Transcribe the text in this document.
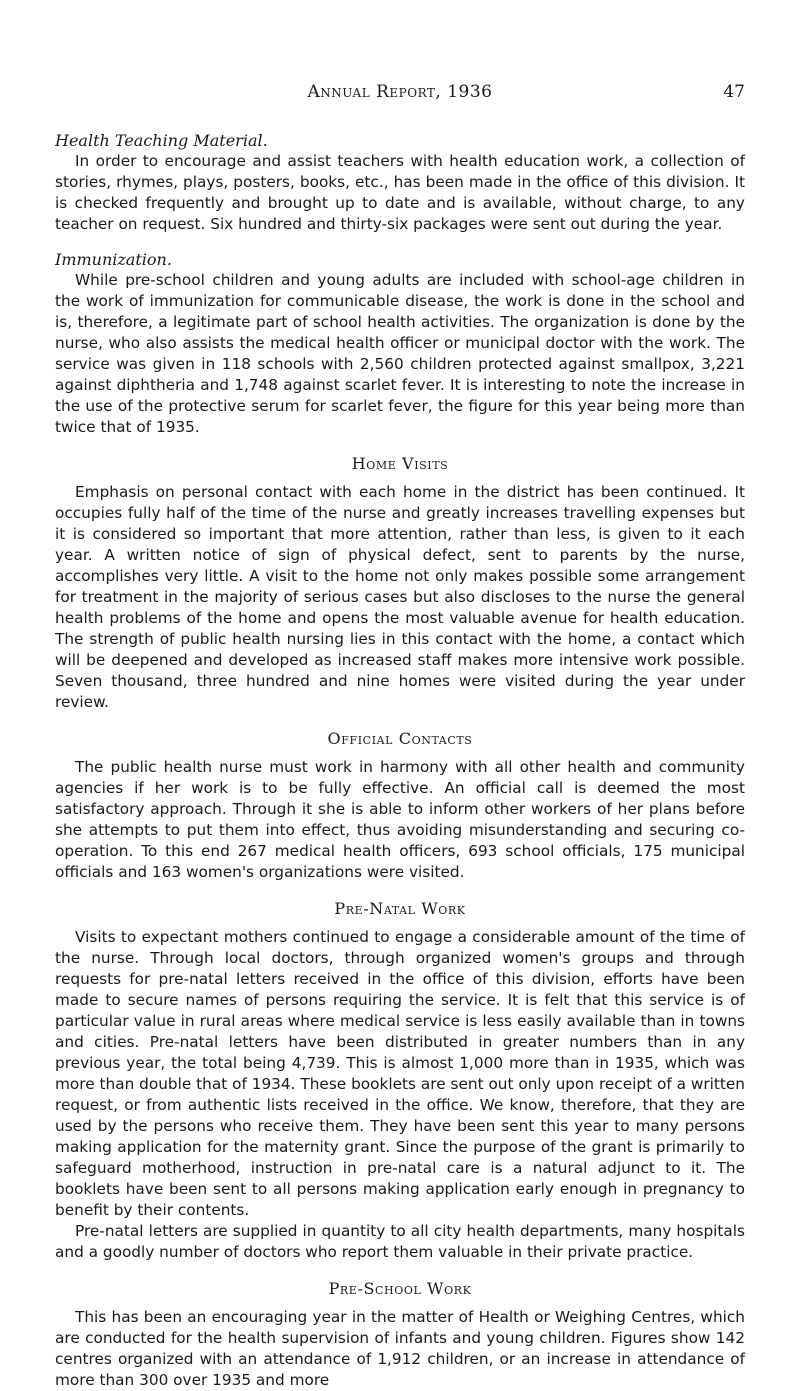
Annual Report, 1936	47
Health Teaching Material.

In order to encourage and assist teachers with health education work, a collection of stories, rhymes, plays, posters, books, etc., has been made in the office of this division. It is checked frequently and brought up to date and is available, without charge, to any teacher on request. Six hundred and thirty-six packages were sent out during the year.

Immunization.

While pre-school children and young adults are included with school-age children in the work of immunization for communicable disease, the work is done in the school and is, therefore, a legitimate part of school health activities. The organization is done by the nurse, who also assists the medical health officer or municipal doctor with the work. The service was given in 118 schools with 2,560 children protected against smallpox, 3,221 against diphtheria and 1,748 against scarlet fever. It is interesting to note the increase in the use of the protective serum for scarlet fever, the figure for this year being more than twice that of 1935.

Home Visits

Emphasis on personal contact with each home in the district has been continued. It occupies fully half of the time of the nurse and greatly increases travelling expenses but it is considered so important that more attention, rather than less, is given to it each year. A written notice of sign of physical defect, sent to parents by the nurse, accomplishes very little. A visit to the home not only makes possible some arrangement for treatment in the majority of serious cases but also discloses to the nurse the general health problems of the home and opens the most valuable avenue for health education. The strength of public health nursing lies in this contact with the home, a contact which will be deepened and developed as increased staff makes more intensive work possible. Seven thousand, three hundred and nine homes were visited during the year under review.

Official Contacts

The public health nurse must work in harmony with all other health and community agencies if her work is to be fully effective. An official call is deemed the most satisfactory approach. Through it she is able to inform other workers of her plans before she attempts to put them into effect, thus avoiding misunderstanding and securing co-operation. To this end 267 medical health officers, 693 school officials, 175 municipal officials and 163 women's organizations were visited.

Pre-Natal Work

Visits to expectant mothers continued to engage a considerable amount of the time of the nurse. Through local doctors, through organized women's groups and through requests for pre-natal letters received in the office of this division, efforts have been made to secure names of persons requiring the service. It is felt that this service is of particular value in rural areas where medical service is less easily available than in towns and cities. Pre-natal letters have been distributed in greater numbers than in any previous year, the total being 4,739. This is almost 1,000 more than in 1935, which was more than double that of 1934. These booklets are sent out only upon receipt of a written request, or from authentic lists received in the office. We know, therefore, that they are used by the persons who receive them. They have been sent this year to many persons making application for the maternity grant. Since the purpose of the grant is primarily to safeguard motherhood, instruction in pre-natal care is a natural adjunct to it. The booklets have been sent to all persons making application early enough in pregnancy to benefit by their contents.

Pre-natal letters are supplied in quantity to all city health departments, many hospitals and a goodly number of doctors who report them valuable in their private practice.

Pre-School Work

This has been an encouraging year in the matter of Health or Weighing Centres, which are conducted for the health supervision of infants and young children. Figures show 142 centres organized with an attendance of 1,912 children, or an increase in attendance of more than 300 over 1935 and more
